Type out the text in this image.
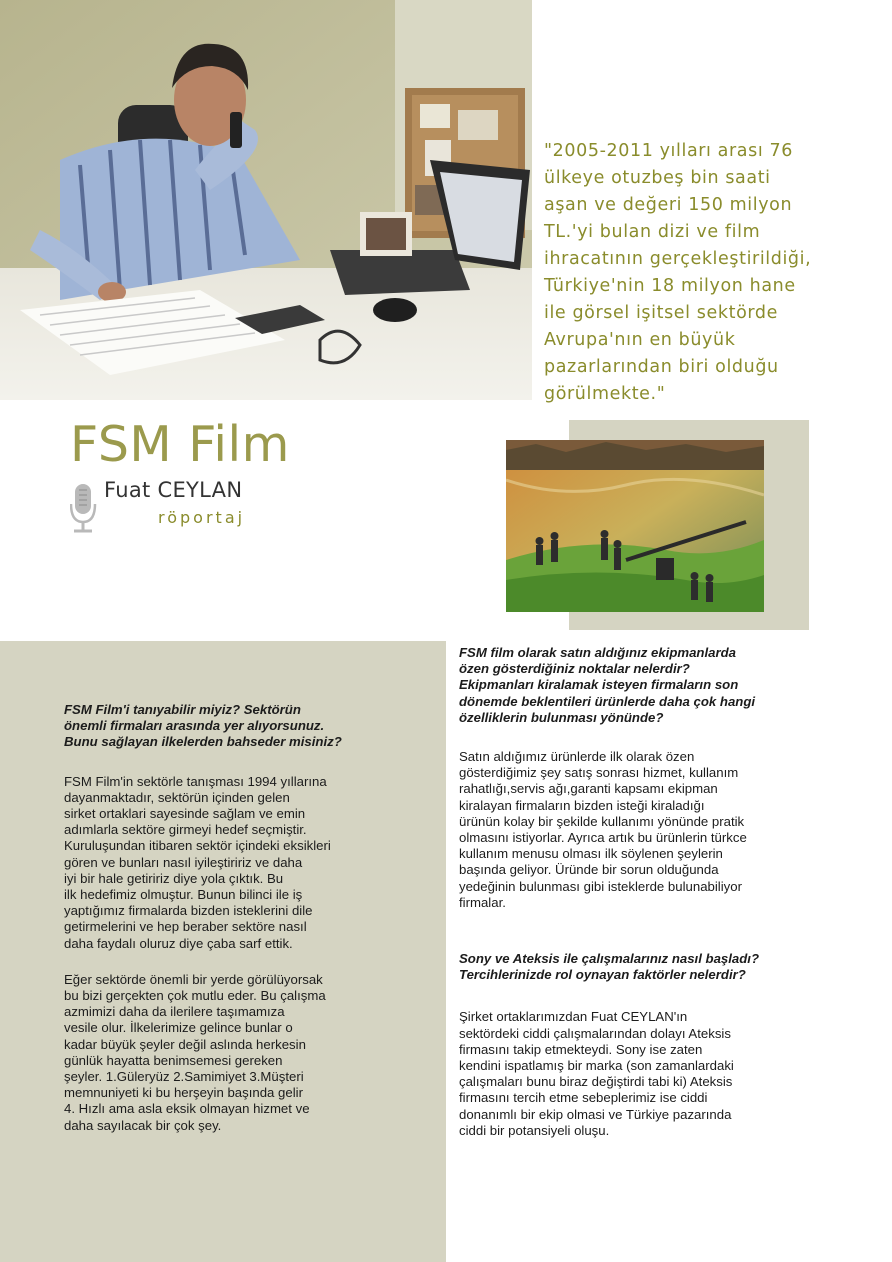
"2005-2011 yılları arası 76
ülkeye otuzbeş bin saati
aşan ve değeri 150 milyon
TL.'yi bulan dizi ve film
ihracatının gerçekleştirildiği,
Türkiye'nin 18 milyon hane
ile görsel işitsel sektörde
Avrupa'nın en büyük
pazarlarından biri olduğu
görülmekte."

FSM Film
Fuat CEYLAN
röportaj

FSM Film'i tanıyabilir miyiz? Sektörün
önemli firmaları arasında yer alıyorsunuz.
Bunu sağlayan ilkelerden bahseder misiniz?

FSM Film'in sektörle tanışması 1994 yıllarına
dayanmaktadır, sektörün içinden gelen
sirket ortaklari sayesinde sağlam ve emin
adımlarla sektöre girmeyi hedef seçmiştir.
Kuruluşundan itibaren sektör içindeki eksikleri
gören ve bunları nasıl iyileştiririz ve daha
iyi bir hale getiririz diye yola çıktık. Bu
ilk hedefimiz olmuştur. Bunun bilinci ile iş
yaptığımız firmalarda bizden isteklerini dile
getirmelerini ve hep beraber sektöre nasıl
daha faydalı oluruz diye çaba sarf ettik.

Eğer sektörde önemli bir yerde görülüyorsak
bu bizi gerçekten çok mutlu eder. Bu çalışma
azmimizi daha da ilerilere taşımamıza
vesile olur. İlkelerimize gelince bunlar o
kadar büyük şeyler değil aslında herkesin
günlük hayatta benimsemesi gereken
şeyler. 1.Güleryüz 2.Samimiyet 3.Müşteri
memnuniyeti ki bu herşeyin başında gelir
4. Hızlı ama asla eksik olmayan hizmet ve
daha sayılacak bir çok şey.

FSM film olarak satın aldığınız ekipmanlarda
özen gösterdiğiniz noktalar nelerdir?
Ekipmanları kiralamak isteyen firmaların son
dönemde beklentileri ürünlerde daha çok hangi
özelliklerin bulunması yönünde?

Satın aldığımız ürünlerde ilk olarak özen
gösterdiğimiz şey satış sonrası hizmet, kullanım
rahatlığı,servis ağı,garanti kapsamı ekipman
kiralayan firmaların bizden isteği kiraladığı
ürünün kolay bir şekilde kullanımı yönünde pratik
olmasını istiyorlar. Ayrıca artık bu ürünlerin türkce
kullanım menusu olması ilk söylenen şeylerin
başında geliyor. Üründe bir sorun olduğunda
yedeğinin bulunması gibi isteklerde bulunabiliyor
firmalar.

Sony ve Ateksis ile çalışmalarınız nasıl başladı?
Tercihlerinizde rol oynayan faktörler nelerdir?

Şirket ortaklarımızdan Fuat CEYLAN'ın
sektördeki ciddi çalışmalarından dolayı Ateksis
firmasını takip etmekteydi. Sony ise zaten
kendini ispatlamış bir marka (son zamanlardaki
çalışmaları bunu biraz değiştirdi tabi ki) Ateksis
firmasını tercih etme sebeplerimiz ise ciddi
donanımlı bir ekip olmasi ve Türkiye pazarında
ciddi bir potansiyeli oluşu.
